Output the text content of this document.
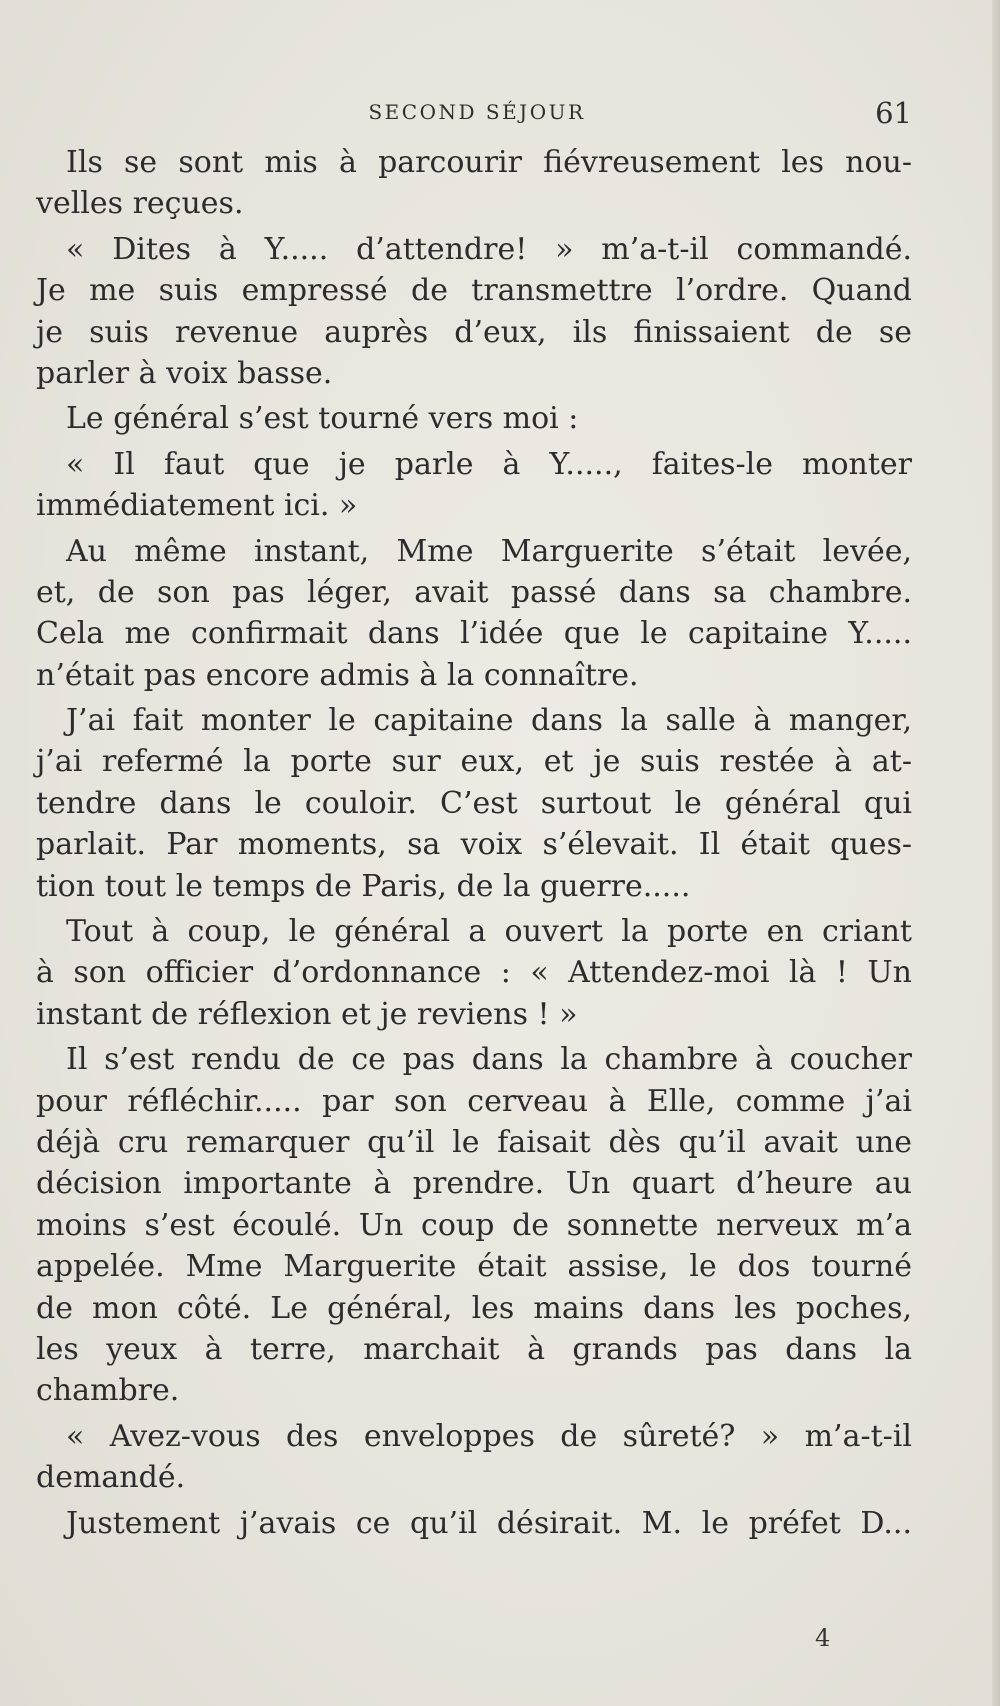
SECOND SÉJOUR	61
Ils se sont mis à parcourir fiévreusement les nou-
velles reçues.
« Dites à Y..... d’attendre! » m’a-t-il commandé.
Je me suis empressé de transmettre l’ordre. Quand
je suis revenue auprès d’eux, ils finissaient de se
parler à voix basse.
Le général s’est tourné vers moi :
« Il faut que je parle à Y....., faites-le monter
immédiatement ici. »
Au même instant, Mme Marguerite s’était levée,
et, de son pas léger, avait passé dans sa chambre.
Cela me confirmait dans l’idée que le capitaine Y.....
n’était pas encore admis à la connaître.
J’ai fait monter le capitaine dans la salle à manger,
j’ai refermé la porte sur eux, et je suis restée à at-
tendre dans le couloir. C’est surtout le général qui
parlait. Par moments, sa voix s’élevait. Il était ques-
tion tout le temps de Paris, de la guerre.....
Tout à coup, le général a ouvert la porte en criant
à son officier d’ordonnance : « Attendez-moi là ! Un
instant de réflexion et je reviens ! »
Il s’est rendu de ce pas dans la chambre à coucher
pour réfléchir..... par son cerveau à Elle, comme j’ai
déjà cru remarquer qu’il le faisait dès qu’il avait une
décision importante à prendre. Un quart d’heure au
moins s’est écoulé. Un coup de sonnette nerveux m’a
appelée. Mme Marguerite était assise, le dos tourné
de mon côté. Le général, les mains dans les poches,
les yeux à terre, marchait à grands pas dans la
chambre.
« Avez-vous des enveloppes de sûreté? » m’a-t-il
demandé.
Justement j’avais ce qu’il désirait. M. le préfet D...
4
